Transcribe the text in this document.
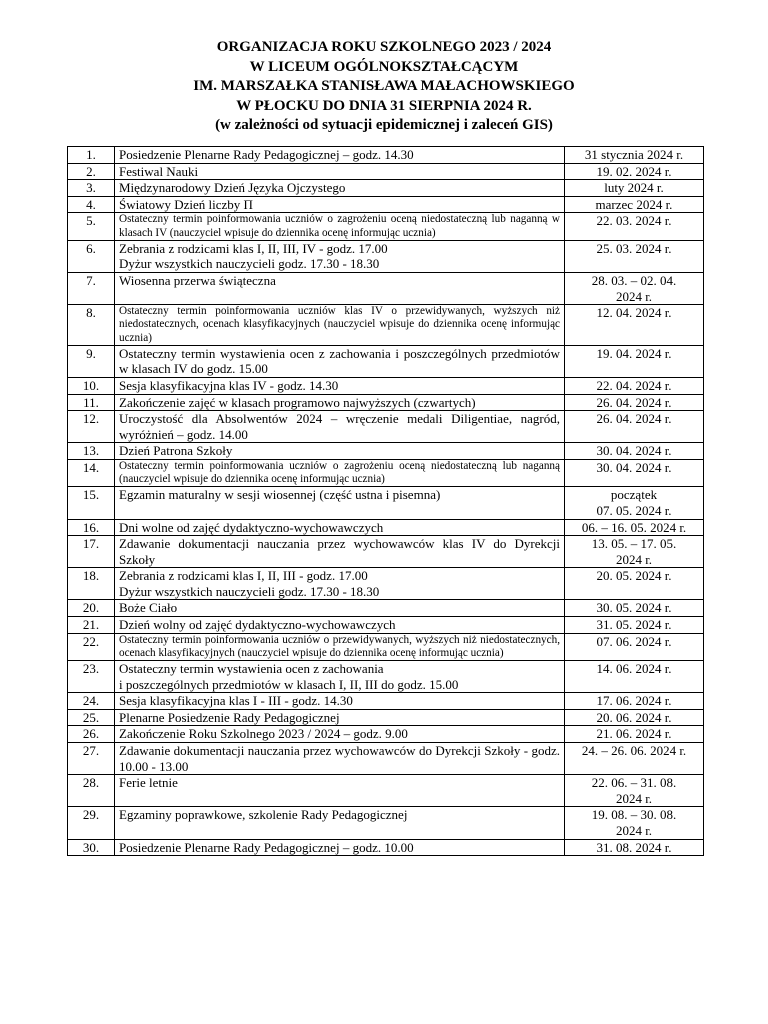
ORGANIZACJA ROKU SZKOLNEGO 2023 / 2024
W LICEUM OGÓLNOKSZTAŁCĄCYM
IM. MARSZAŁKA STANISŁAWA MAŁACHOWSKIEGO
W PŁOCKU DO DNIA 31 SIERPNIA 2024 R.
(w zależności od sytuacji epidemicznej i zaleceń GIS)
1.	Posiedzenie Plenarne Rady Pedagogicznej – godz. 14.30	31 stycznia 2024 r.

2.	Festiwal Nauki	19. 02. 2024 r.

3.	Międzynarodowy Dzień Języka Ojczystego	luty 2024 r.

4.	Światowy Dzień liczby Π	marzec 2024 r.

5.	Ostateczny termin poinformowania uczniów o zagrożeniu oceną niedostateczną lub naganną w klasach IV (nauczyciel wpisuje do dziennika ocenę informując ucznia)	22. 03. 2024 r.

6.	Zebrania z rodzicami klas I, II, III, IV - godz. 17.00
Dyżur wszystkich nauczycieli godz. 17.30 - 18.30	25. 03. 2024 r.

7.	Wiosenna przerwa świąteczna	28. 03. – 02. 04.
2024 r.

8.	Ostateczny termin poinformowania uczniów klas IV o przewidywanych, wyższych niż niedostatecznych, ocenach klasyfikacyjnych (nauczyciel wpisuje do dziennika ocenę informując ucznia)	12. 04. 2024 r.

9.	Ostateczny termin wystawienia ocen z zachowania i poszczególnych przedmiotów w klasach IV do godz. 15.00	19. 04. 2024 r.

10.	Sesja klasyfikacyjna klas IV - godz. 14.30	22. 04. 2024 r.

11.	Zakończenie zajęć w klasach programowo najwyższych (czwartych)	26. 04. 2024 r.

12.	Uroczystość dla Absolwentów 2024 – wręczenie medali Diligentiae, nagród, wyróżnień – godz. 14.00	26. 04. 2024 r.

13.	Dzień Patrona Szkoły	30. 04. 2024 r.

14.	Ostateczny termin poinformowania uczniów o zagrożeniu oceną niedostateczną lub naganną (nauczyciel wpisuje do dziennika ocenę informując ucznia)	30. 04. 2024 r.

15.	Egzamin maturalny w sesji wiosennej (część ustna i pisemna)	początek
07. 05. 2024 r.

16.	Dni wolne od zajęć dydaktyczno-wychowawczych	06. – 16. 05. 2024 r.

17.	Zdawanie dokumentacji nauczania przez wychowawców klas IV do Dyrekcji Szkoły	13. 05. – 17. 05.
2024 r.

18.	Zebrania z rodzicami klas I, II, III - godz. 17.00
Dyżur wszystkich nauczycieli godz. 17.30 - 18.30	20. 05. 2024 r.

20.	Boże Ciało	30. 05. 2024 r.

21.	Dzień wolny od zajęć dydaktyczno-wychowawczych	31. 05. 2024 r.

22.	Ostateczny termin poinformowania uczniów o przewidywanych, wyższych niż niedostatecznych, ocenach klasyfikacyjnych (nauczyciel wpisuje do dziennika ocenę informując ucznia)	07. 06. 2024 r.

23.	Ostateczny termin wystawienia ocen z zachowania
i poszczególnych przedmiotów w klasach I, II, III do godz. 15.00	14. 06. 2024 r.

24.	Sesja klasyfikacyjna klas I - III - godz. 14.30	17. 06. 2024 r.

25.	Plenarne Posiedzenie Rady Pedagogicznej	20. 06. 2024 r.

26.	Zakończenie Roku Szkolnego 2023 / 2024 – godz. 9.00	21. 06. 2024 r.

27.	Zdawanie dokumentacji nauczania przez wychowawców do Dyrekcji Szkoły - godz. 10.00 - 13.00	24. – 26. 06. 2024 r.

28.	Ferie letnie	22. 06. – 31. 08.
2024 r.

29.	Egzaminy poprawkowe, szkolenie Rady Pedagogicznej	19. 08. – 30. 08.
2024 r.

30.	Posiedzenie Plenarne Rady Pedagogicznej – godz. 10.00	31. 08. 2024 r.
